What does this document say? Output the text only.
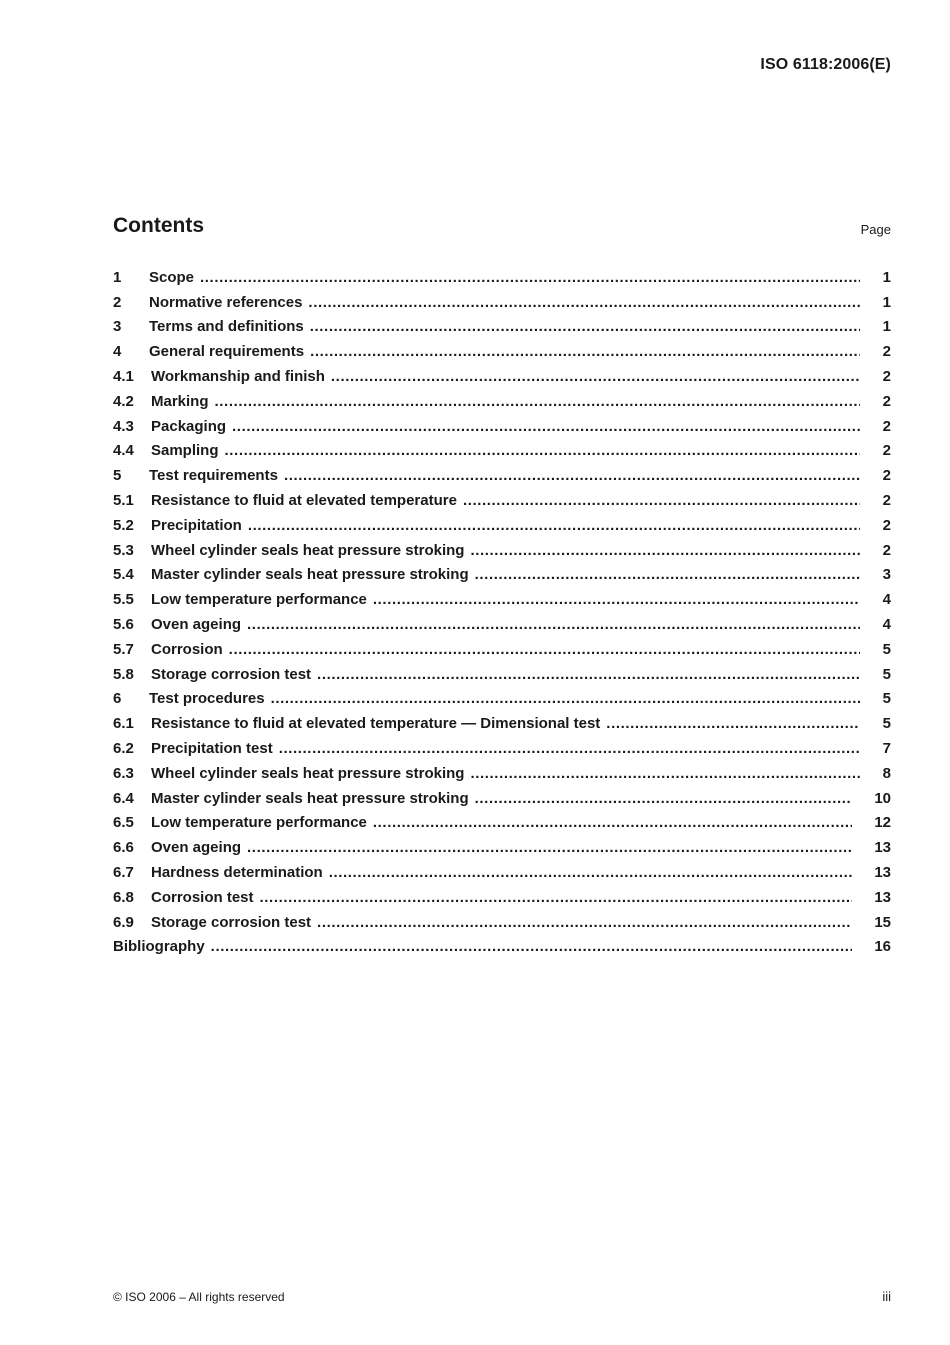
ISO 6118:2006(E)
Contents	Page
1	Scope .....	1
2	Normative references .....	1
3	Terms and definitions .....	1
4	General requirements .....	2
4.1	Workmanship and finish .....	2
4.2	Marking .....	2
4.3	Packaging .....	2
4.4	Sampling .....	2
5	Test requirements .....	2
5.1	Resistance to fluid at elevated temperature .....	2
5.2	Precipitation .....	2
5.3	Wheel cylinder seals heat pressure stroking .....	2
5.4	Master cylinder seals heat pressure stroking .....	3
5.5	Low temperature performance .....	4
5.6	Oven ageing .....	4
5.7	Corrosion .....	5
5.8	Storage corrosion test .....	5
6	Test procedures .....	5
6.1	Resistance to fluid at elevated temperature — Dimensional test .....	5
6.2	Precipitation test .....	7
6.3	Wheel cylinder seals heat pressure stroking .....	8
6.4	Master cylinder seals heat pressure stroking .....	10
6.5	Low temperature performance .....	12
6.6	Oven ageing .....	13
6.7	Hardness determination .....	13
6.8	Corrosion test .....	13
6.9	Storage corrosion test .....	15
Bibliography .....	16
© ISO 2006 – All rights reserved	iii
